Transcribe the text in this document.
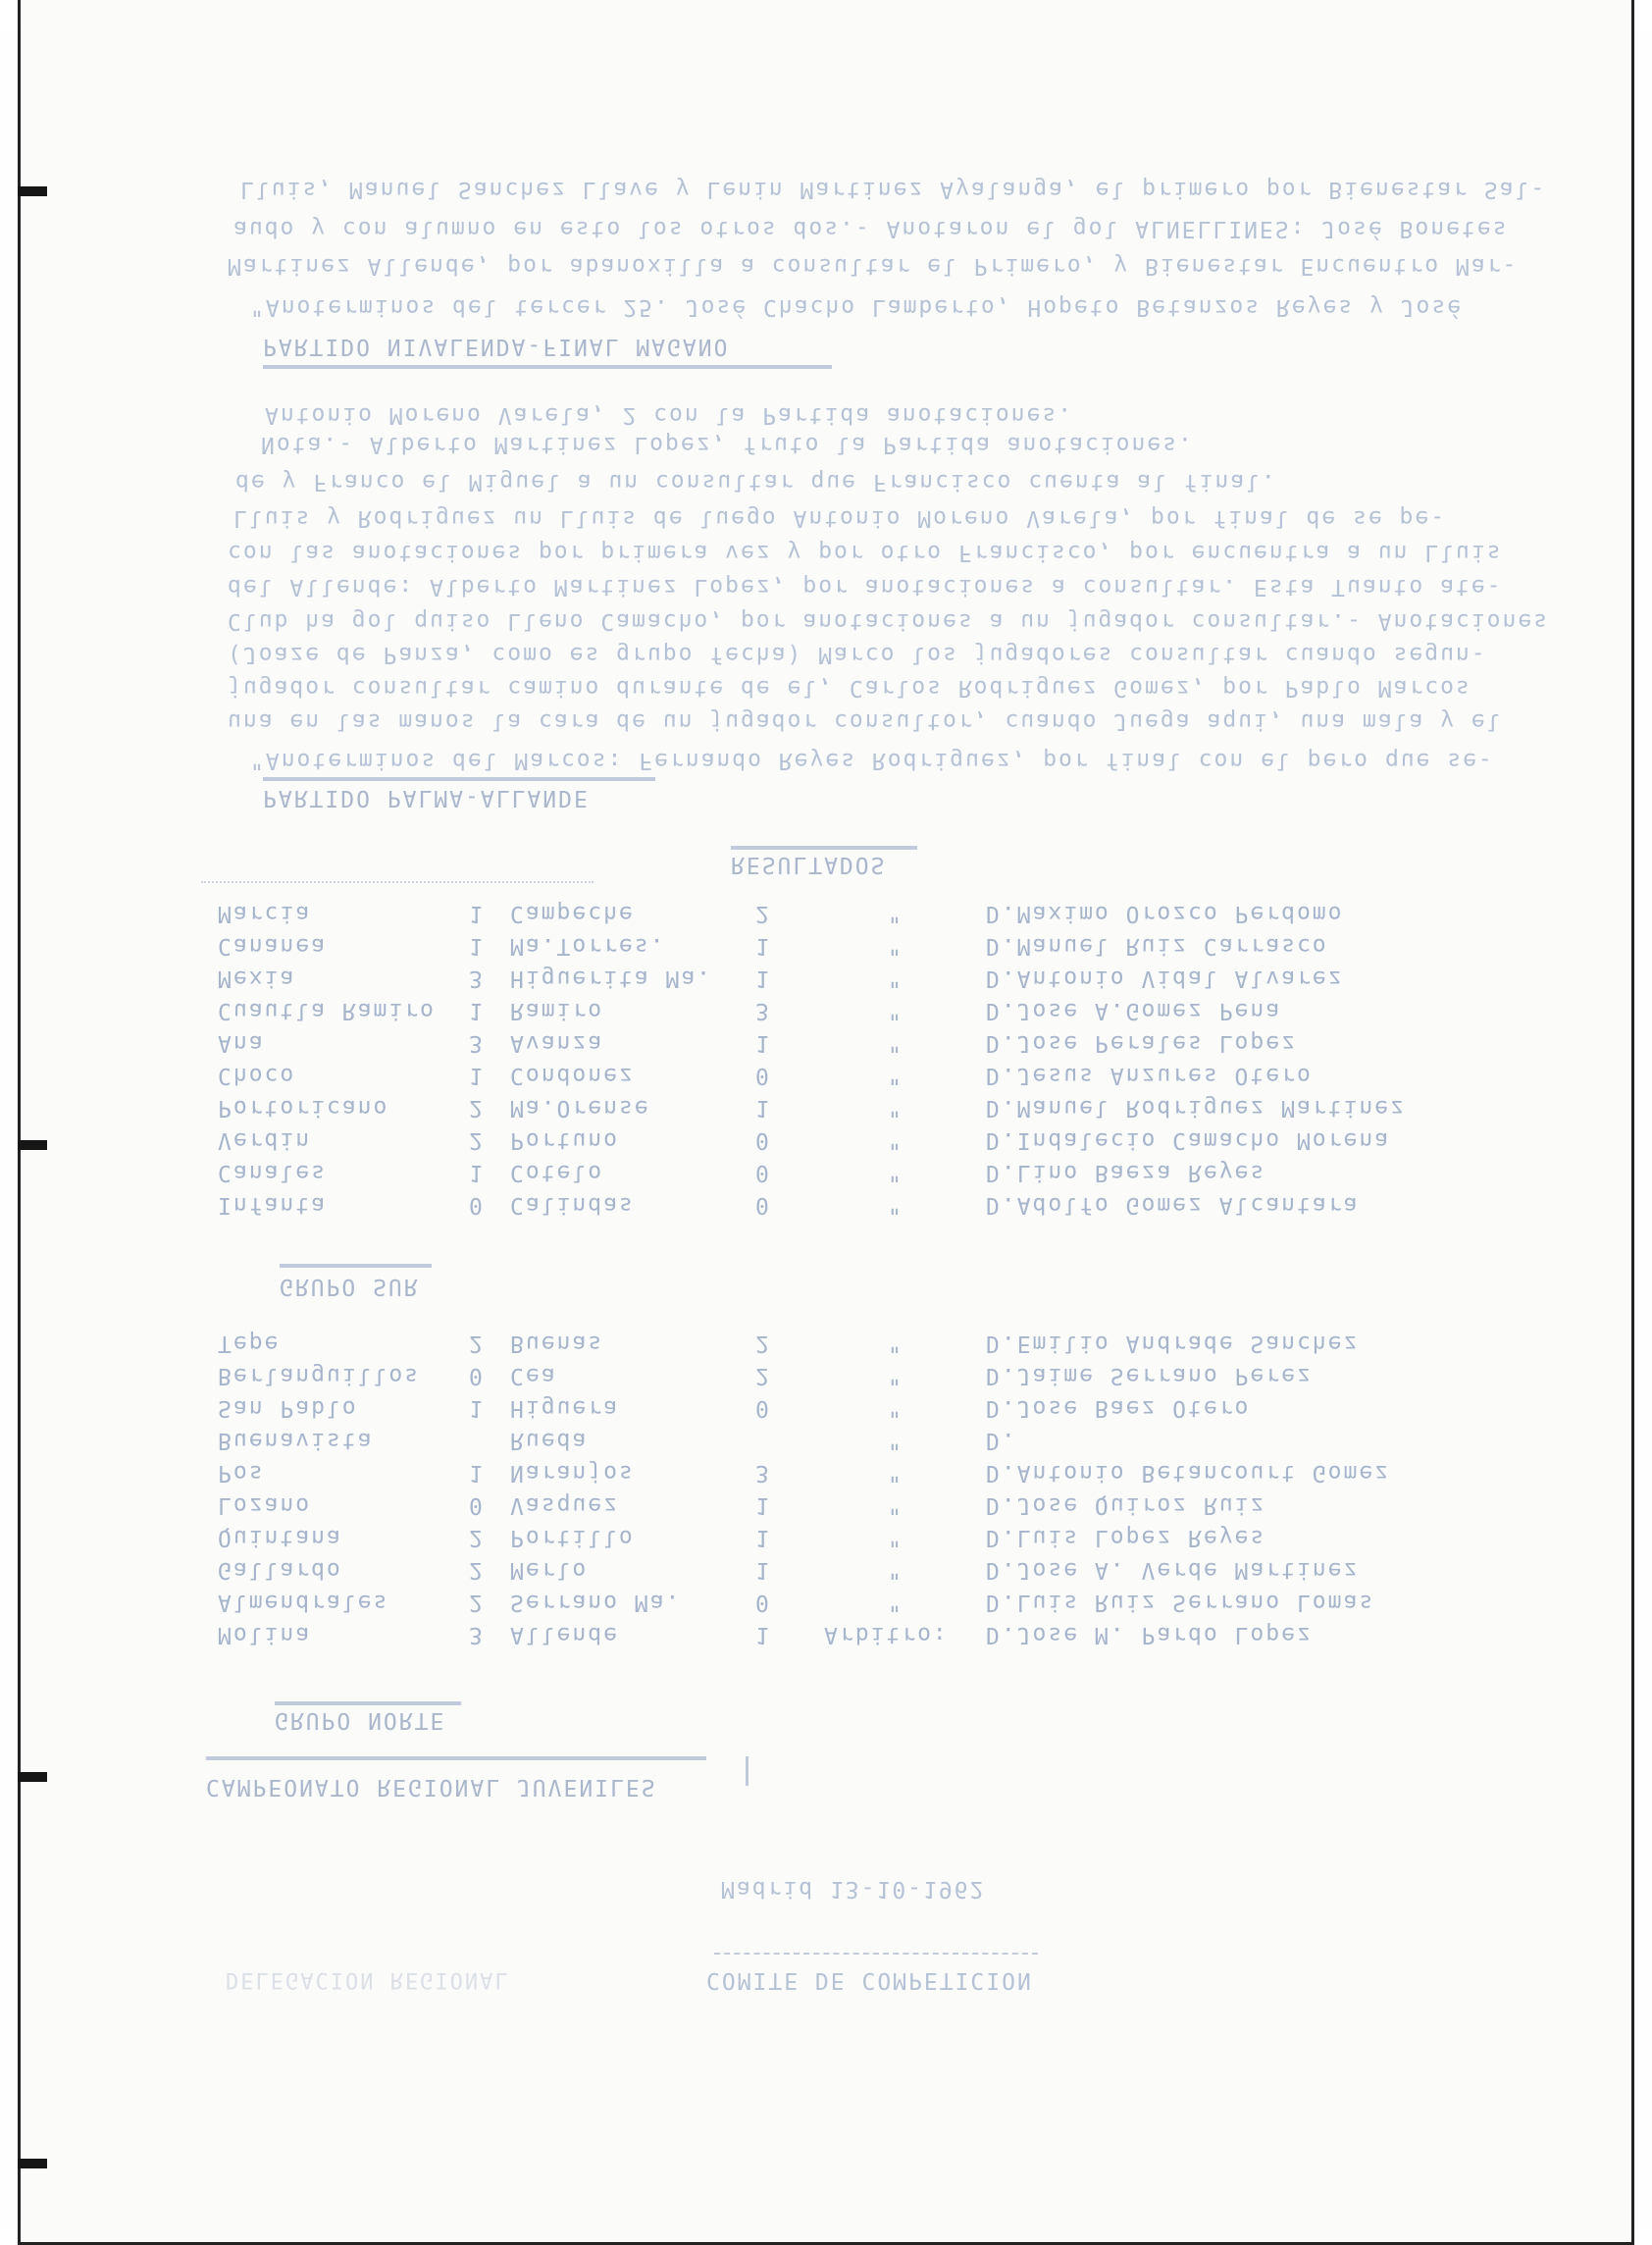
Lluis, Manuel Sanchez Llave y Lenin Martinez Ayalanga, el primero por Bienestar Sal-
audo y con alumno en esto los otros dos.- Anotaron el gol ALNELLINES: José Bonetes
Martinez Allende, por abanoxilla a consultar el Primero, y Bienestar Encuentro Mar-
"Anoterminos del tercer 25. José Chacho Lamberto, Hopeto Betanzos Reyes y José
PARTIDO NIVALENDA-FINAL MAGANO
Antonio Moreno Varela, 2 con la Partida anotaciones.
Nota.- Alberto Martinez Lopez, fruto la Partida anotaciones.
de y Franco el Miguel a un consultar que Francisco cuenta al final.
Lluis y Rodriguez un Lluis de luego Antonio Moreno Varela, por final de se pe-
con las anotaciones por primera vez y por otro Francisco, por encuentra a un Lluis
del Allende: Alberto Martinez Lopez, por anotaciones a consultar. Esta Tuanto ate-
Club ha gol quiso Lleno Camacho, por anotaciones a un jugador consultar.- Anotaciones
(Joaze de Panza, como es grupo fecha) Marco los jugadores consultar cuando segun-
jugador consultar camino durante de el, Carlos Rodriguez Gomez, por Pablo Marcos
una en las manos la cara de un jugador consultor, cuando Juega aqui, una mala y el
"Anoterminos del Marcos: Fernando Reyes Rodriguez, por final con el pero que se-
PARTIDO PALMA-ALLANDE
RESULTADOS
Marcia	1 Campeche	2	"	D.Maximo Orozco Perdomo
Cananea	1 Ma.Torres.	1	"	D.Manuel Ruiz Carrasco
Mexia	3 Higuerita Ma. 1	"	D.Antonio Vidal Alvarez
Cuautla Ramiro 1 Ramiro	3	"	D.Jose A.Gomez Pena
Ana	3 Avanza	1	"	D.Jose Perales Lopez
Choco	1 Condonez	0	"	D.Jesus Anzures Otero
Portoricano	2 Ma.Orense	1	"	D.Manuel Rodriguez Martinez
Verdin	2 Portuno	0	"	D.Indalecio Camacho Morena
Canales	1 Cotelo	0	"	D.Lino Baeza Reyes
Infanta	0 Calindas	0	"	D.Adolfo Gomez Alcantara
GRUPO SUR
Tepe	2 Buenas	2	"	D.Emilio Andrade Sanchez
Berlanguillos 0 Cea	2	"	D.Jaime Serrano Perez
San Pablo	1 Higuera	0	"	D.Jose Baez Otero
Buenavista	Rueda	"	D.
Pos	1 Naranjos	3	"	D.Antonio Betancourt Gomez
Lozano	0 Vasquez	1	"	D.Jose Quiroz Ruiz
Quintana	2 Portillo	1	"	D.Luis Lopez Reyes
Gallardo	2 Merlo	1	"	D.Jose A. Verde Martinez
Almendrales	2 Serrano Ma.	0	"	D.Luis Ruiz Serrano Lomas
Molina	3 Allende	1 Arbitro: D.Jose M. Pardo Lopez
GRUPO NORTE
CAMPEONATO REGIONAL JUVENILES
Madrid 13-10-1962
COMITE DE COMPETICION
DELEGACION REGIONAL
